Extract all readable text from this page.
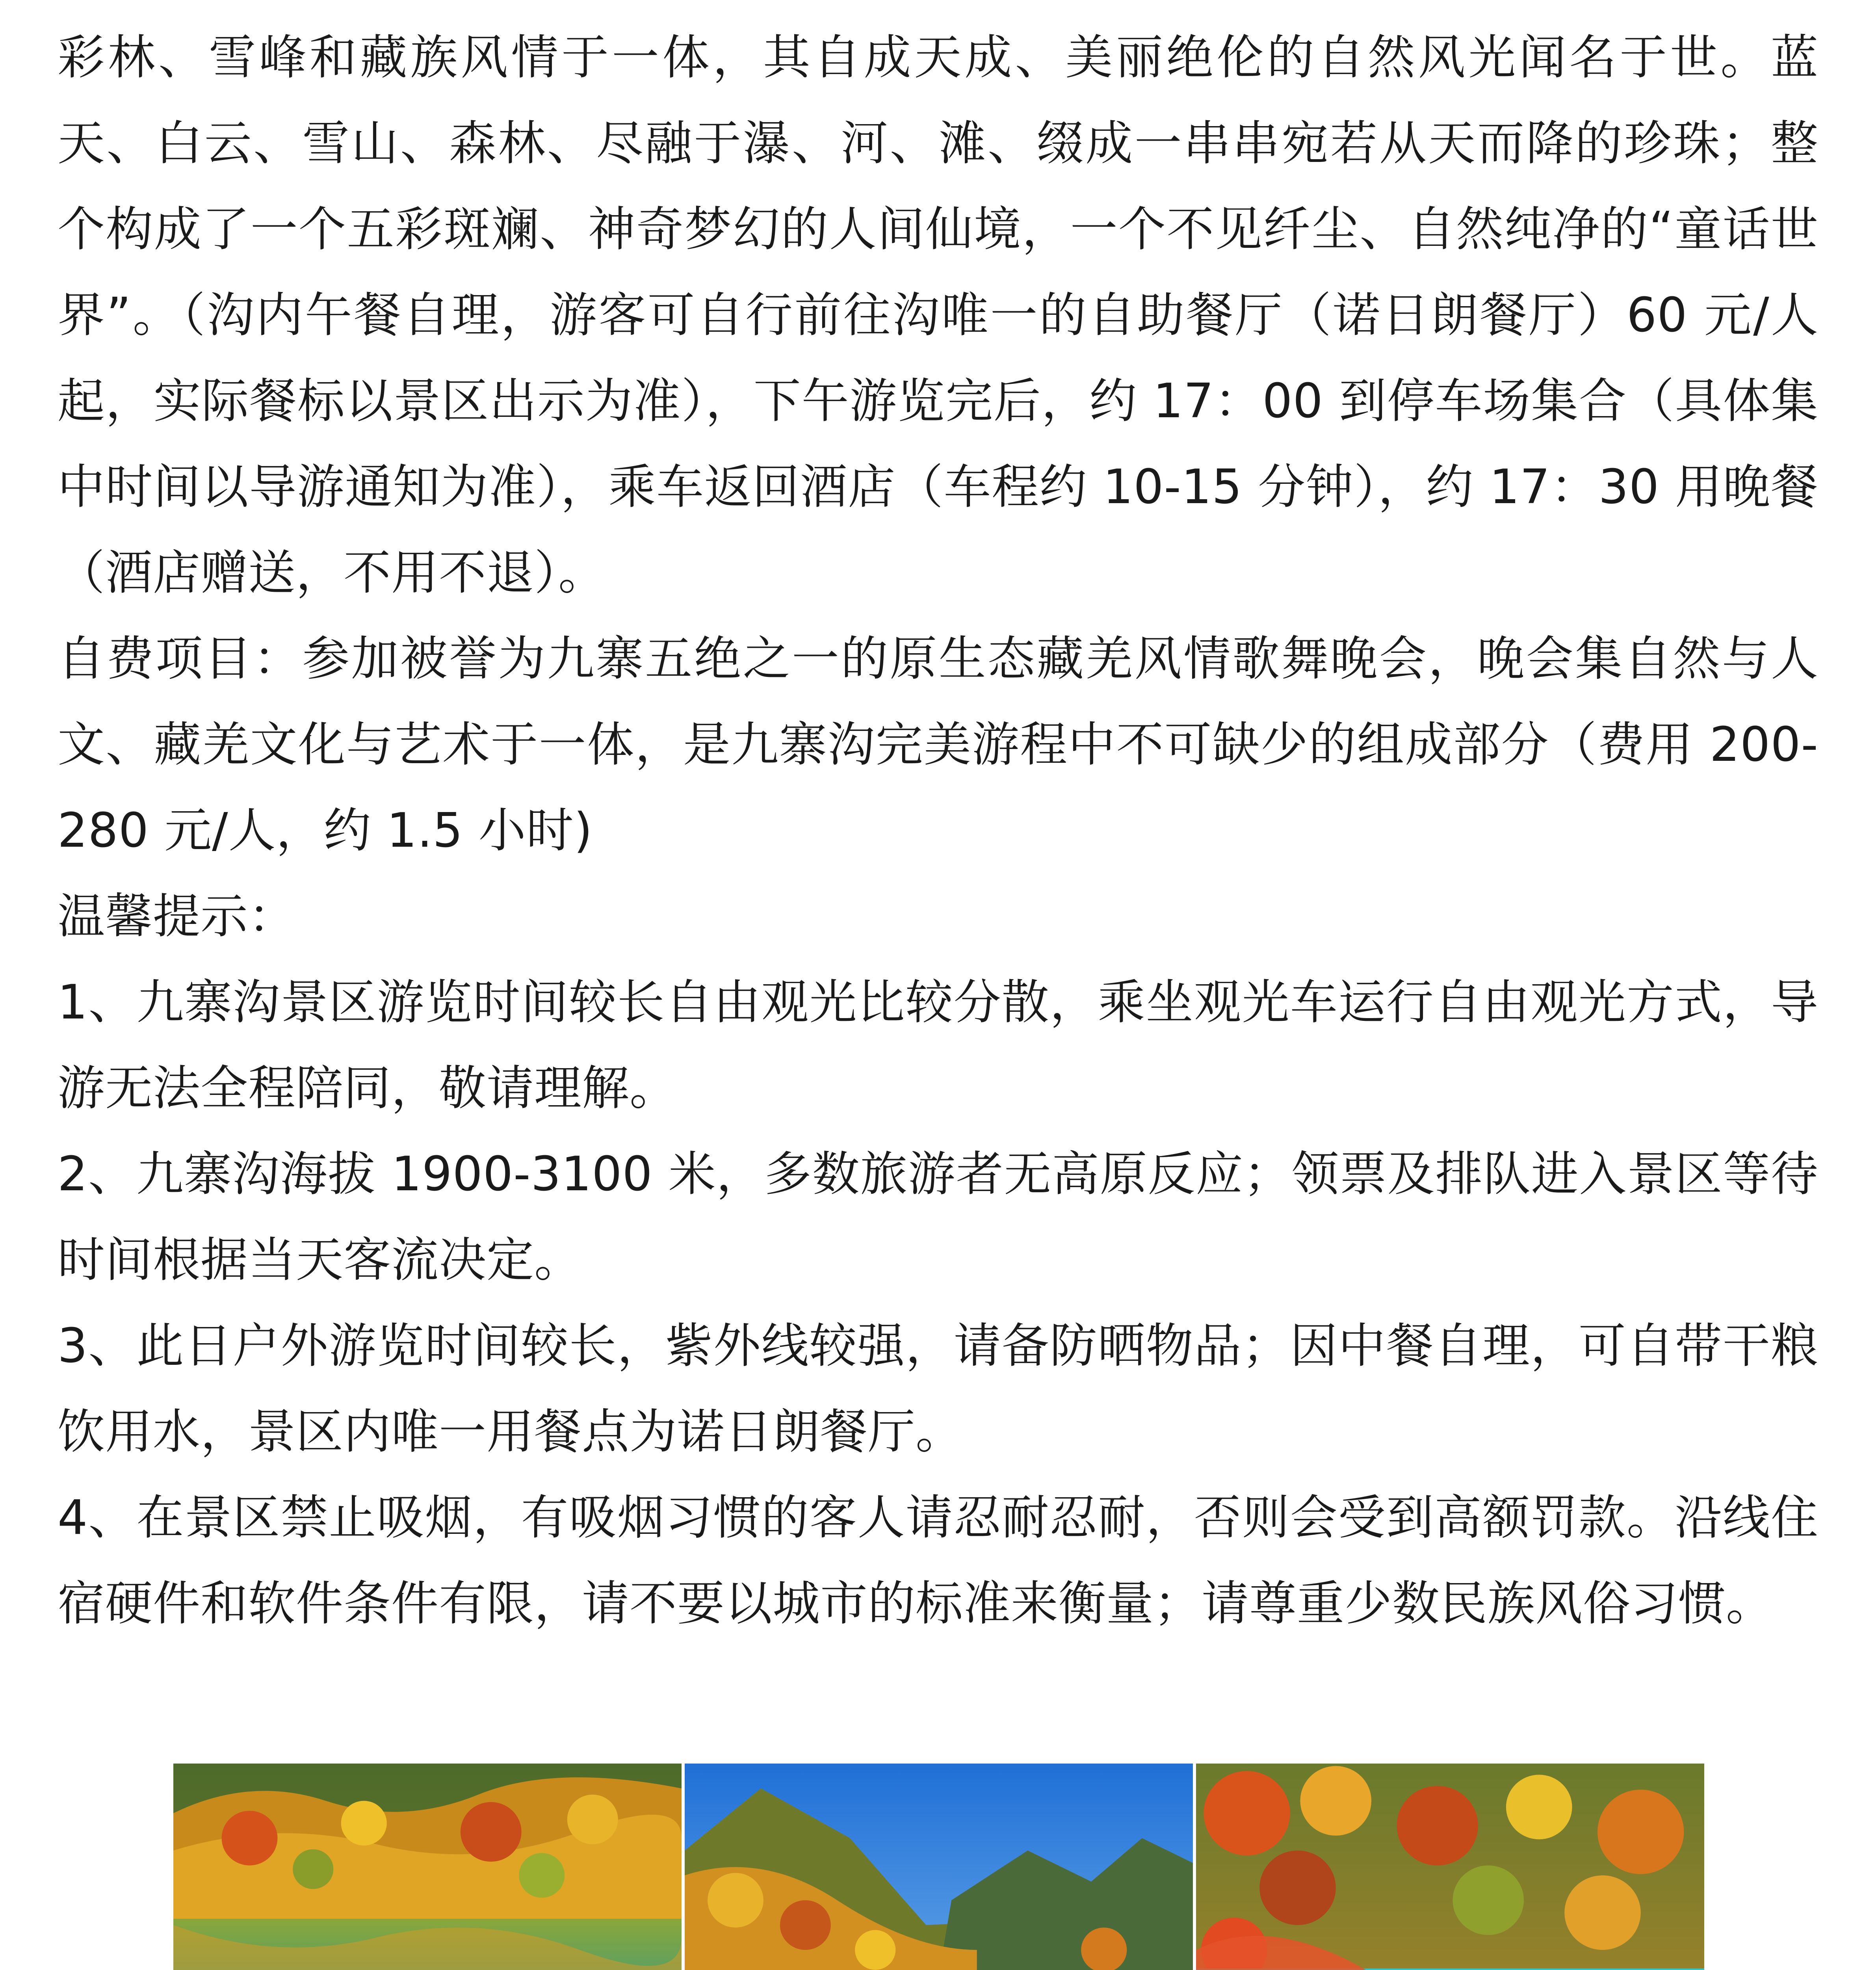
彩林、雪峰和藏族风情于一体，其自成天成、美丽绝伦的自然风光闻名于世。蓝天、白云、雪山、森林、尽融于瀑、河、滩、缀成一串串宛若从天而降的珍珠；整个构成了一个五彩斑斓、神奇梦幻的人间仙境，一个不见纤尘、自然纯净的“童话世界”。（沟内午餐自理，游客可自行前往沟唯一的自助餐厅（诺日朗餐厅）60 元/人起，实际餐标以景区出示为准），下午游览完后，约 17：00 到停车场集合（具体集中时间以导游通知为准），乘车返回酒店（车程约 10-15 分钟），约 17：30 用晚餐（酒店赠送，不用不退）。

自费项目：参加被誉为九寨五绝之一的原生态藏羌风情歌舞晚会，晚会集自然与人文、藏羌文化与艺术于一体，是九寨沟完美游程中不可缺少的组成部分（费用 200-280 元/人，约 1.5 小时)

温馨提示：

1、九寨沟景区游览时间较长自由观光比较分散，乘坐观光车运行自由观光方式，导游无法全程陪同，敬请理解。

2、九寨沟海拔 1900-3100 米，多数旅游者无高原反应；领票及排队进入景区等待时间根据当天客流决定。

3、此日户外游览时间较长，紫外线较强，请备防晒物品；因中餐自理，可自带干粮饮用水，景区内唯一用餐点为诺日朗餐厅。

4、在景区禁止吸烟，有吸烟习惯的客人请忍耐忍耐，否则会受到高额罚款。沿线住宿硬件和软件条件有限，请不要以城市的标准来衡量；请尊重少数民族风俗习惯。
